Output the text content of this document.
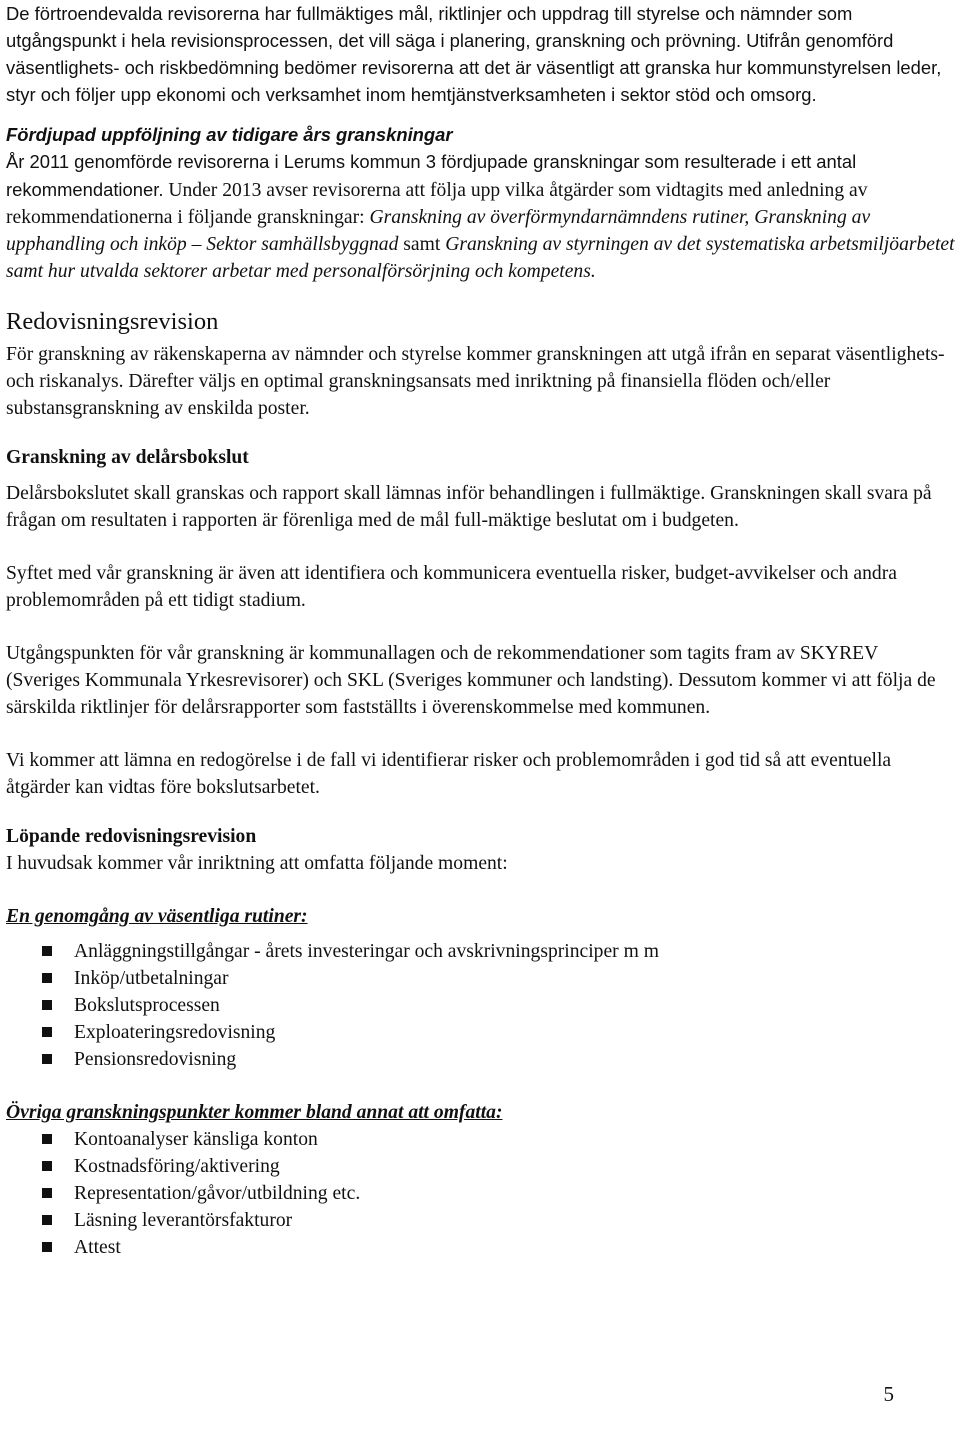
De förtroendevalda revisorerna har fullmäktiges mål, riktlinjer och uppdrag till styrelse och nämnder som utgångspunkt i hela revisionsprocessen, det vill säga i planering, granskning och prövning. Utifrån genomförd väsentlighets- och riskbedömning bedömer revisorerna att det är väsentligt att granska hur kommunstyrelsen leder, styr och följer upp ekonomi och verksamhet inom hemtjänstverksamheten i sektor stöd och omsorg.

Fördjupad uppföljning av tidigare års granskningar

År 2011 genomförde revisorerna i Lerums kommun 3 fördjupade granskningar som resulterade i ett antal rekommendationer. Under 2013 avser revisorerna att följa upp vilka åtgärder som vidtagits med anledning av rekommendationerna i följande granskningar: Granskning av överförmyndarnämndens rutiner, Granskning av upphandling och inköp – Sektor samhällsbyggnad samt Granskning av styrningen av det systematiska arbetsmiljöarbetet samt hur utvalda sektorer arbetar med personalförsörjning och kompetens.

Redovisningsrevision

För granskning av räkenskaperna av nämnder och styrelse kommer granskningen att utgå ifrån en separat väsentlighets- och riskanalys. Därefter väljs en optimal granskningsansats med inriktning på finansiella flöden och/eller substansgranskning av enskilda poster.

Granskning av delårsbokslut

Delårsbokslutet skall granskas och rapport skall lämnas inför behandlingen i fullmäktige. Granskningen skall svara på frågan om resultaten i rapporten är förenliga med de mål full-mäktige beslutat om i budgeten.

Syftet med vår granskning är även att identifiera och kommunicera eventuella risker, budget-avvikelser och andra problemområden på ett tidigt stadium.

Utgångspunkten för vår granskning är kommunallagen och de rekommendationer som tagits fram av SKYREV (Sveriges Kommunala Yrkesrevisorer) och SKL (Sveriges kommuner och landsting). Dessutom kommer vi att följa de särskilda riktlinjer för delårsrapporter som fastställts i överenskommelse med kommunen.

Vi kommer att lämna en redogörelse i de fall vi identifierar risker och problemområden i god tid så att eventuella åtgärder kan vidtas före bokslutsarbetet.

Löpande redovisningsrevision

I huvudsak kommer vår inriktning att omfatta följande moment:

En genomgång av väsentliga rutiner:

Anläggningstillgångar - årets investeringar och avskrivningsprinciper m m
Inköp/utbetalningar
Bokslutsprocessen
Exploateringsredovisning
Pensionsredovisning

Övriga granskningspunkter kommer bland annat att omfatta:

Kontoanalyser känsliga konton
Kostnadsföring/aktivering
Representation/gåvor/utbildning etc.
Läsning leverantörsfakturor
Attest
5
